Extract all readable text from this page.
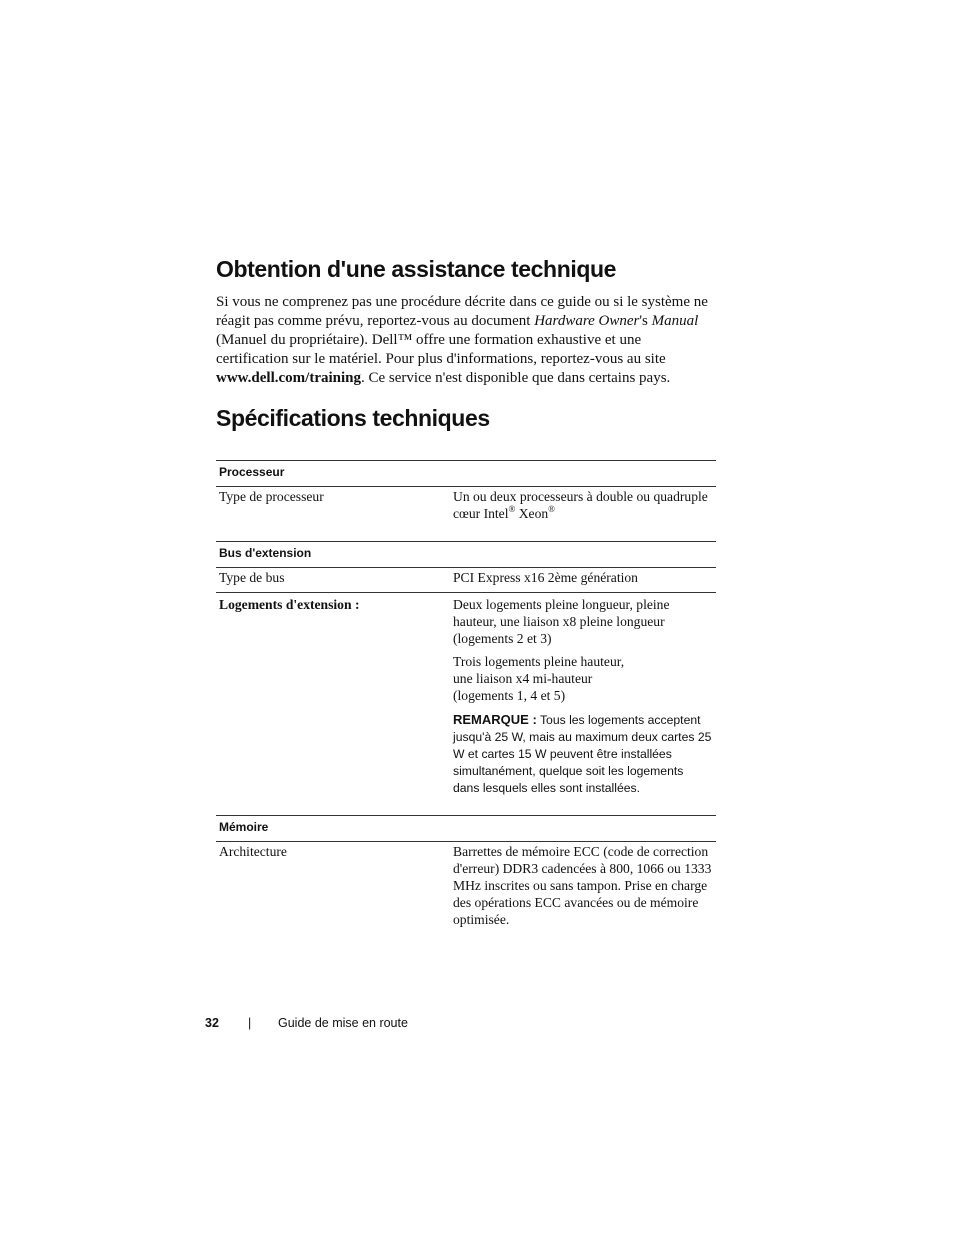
Obtention d'une assistance technique

Si vous ne comprenez pas une procédure décrite dans ce guide ou si le système ne réagit pas comme prévu, reportez-vous au document Hardware Owner's Manual (Manuel du propriétaire). Dell™ offre une formation exhaustive et une certification sur le matériel. Pour plus d'informations, reportez-vous au site www.dell.com/training. Ce service n'est disponible que dans certains pays.

Spécifications techniques
Processeur	
Type de processeur	Un ou deux processeurs à double ou quadruple cœur Intel® Xeon®
Bus d'extension	
Type de bus	PCI Express x16 2ème génération
Logements d'extension :	Deux logements pleine longueur, pleine hauteur, une liaison x8 pleine longueur (logements 2 et 3)

Trois logements pleine hauteur,
une liaison x4 mi-hauteur
(logements 1, 4 et 5)

REMARQUE : Tous les logements acceptent jusqu'à 25 W, mais au maximum deux cartes 25 W et cartes 15 W peuvent être installées simultanément, quelque soit les logements dans lesquels elles sont installées.

Mémoire	
Architecture	Barrettes de mémoire ECC (code de correction d'erreur) DDR3 cadencées à 800, 1066 ou 1333 MHz inscrites ou sans tampon. Prise en charge des opérations ECC avancées ou de mémoire optimisée.
32 | Guide de mise en route
